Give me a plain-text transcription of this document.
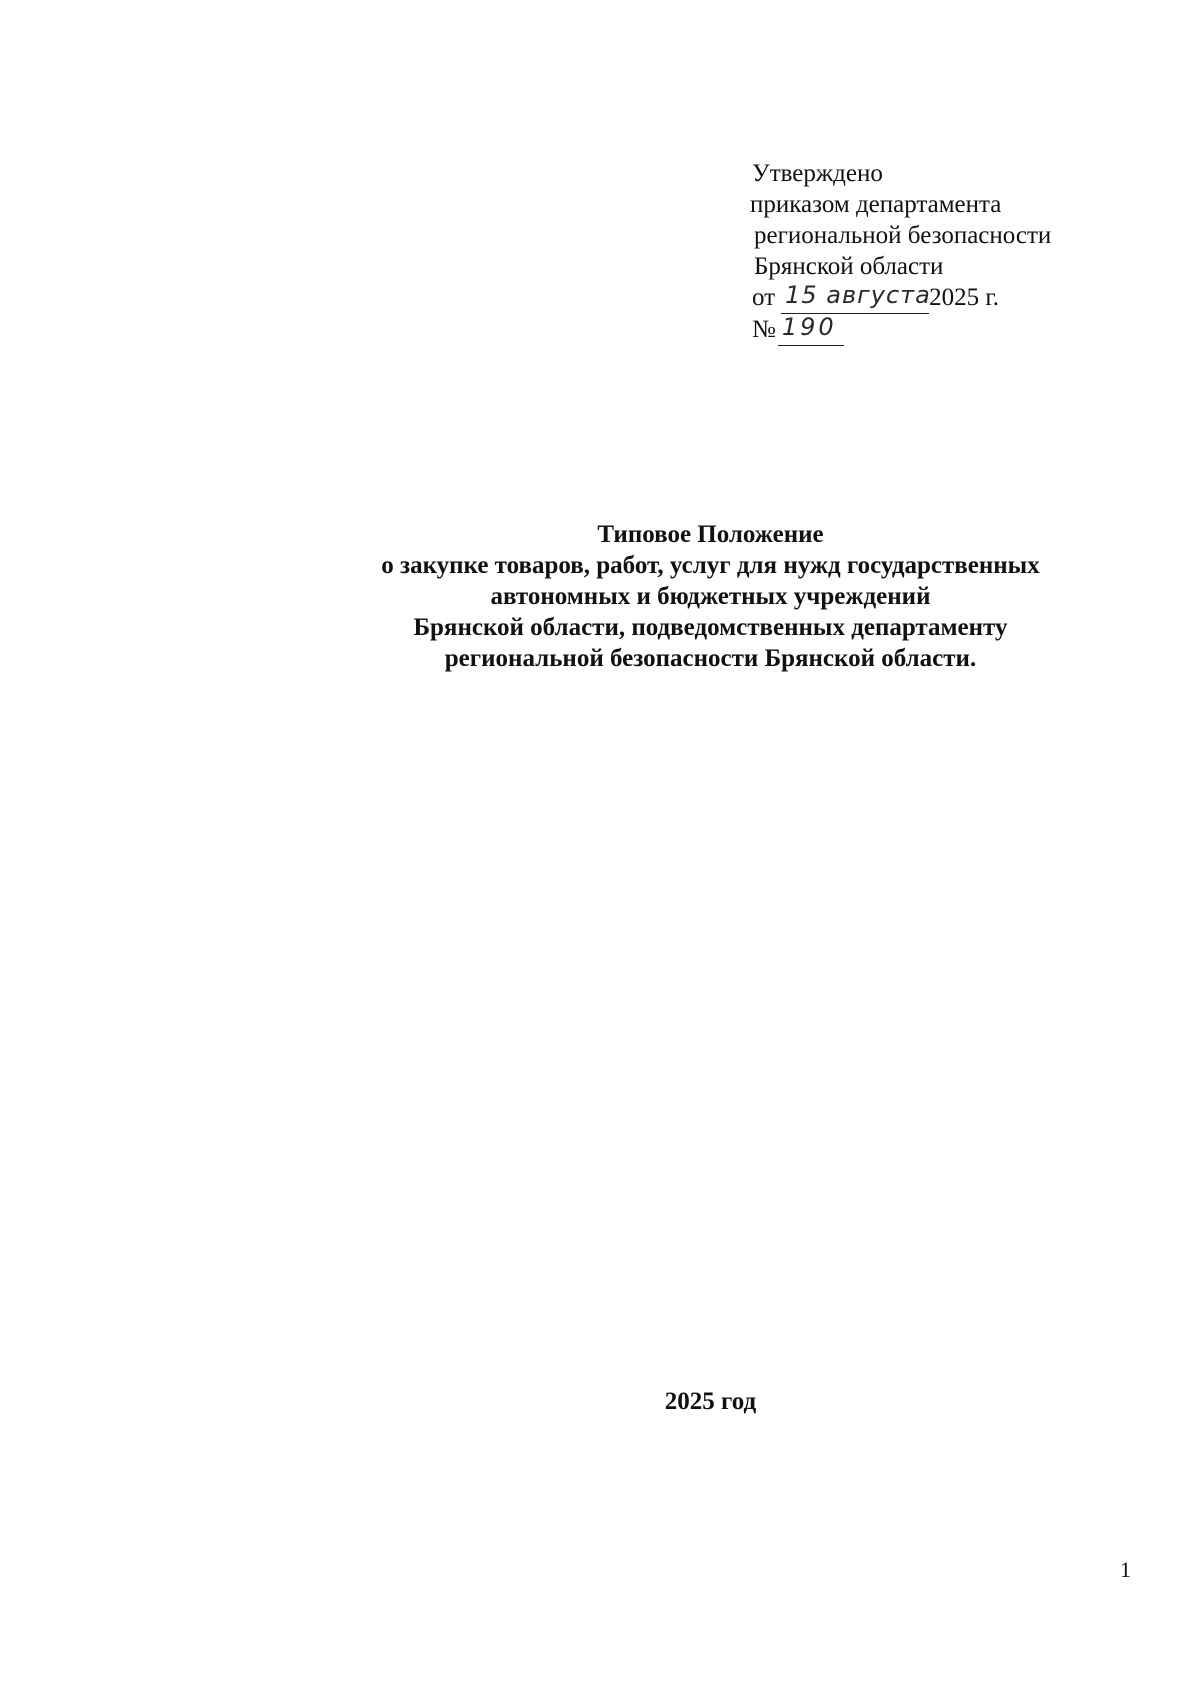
Утверждено
приказом департамента
региональной безопасности
Брянской области
от 15 августа
2025 г.
№ 190
Типовое Положение
о закупке товаров, работ, услуг для нужд государственных
автономных и бюджетных учреждений
Брянской области, подведомственных департаменту
региональной безопасности Брянской области.
2025 год
1
